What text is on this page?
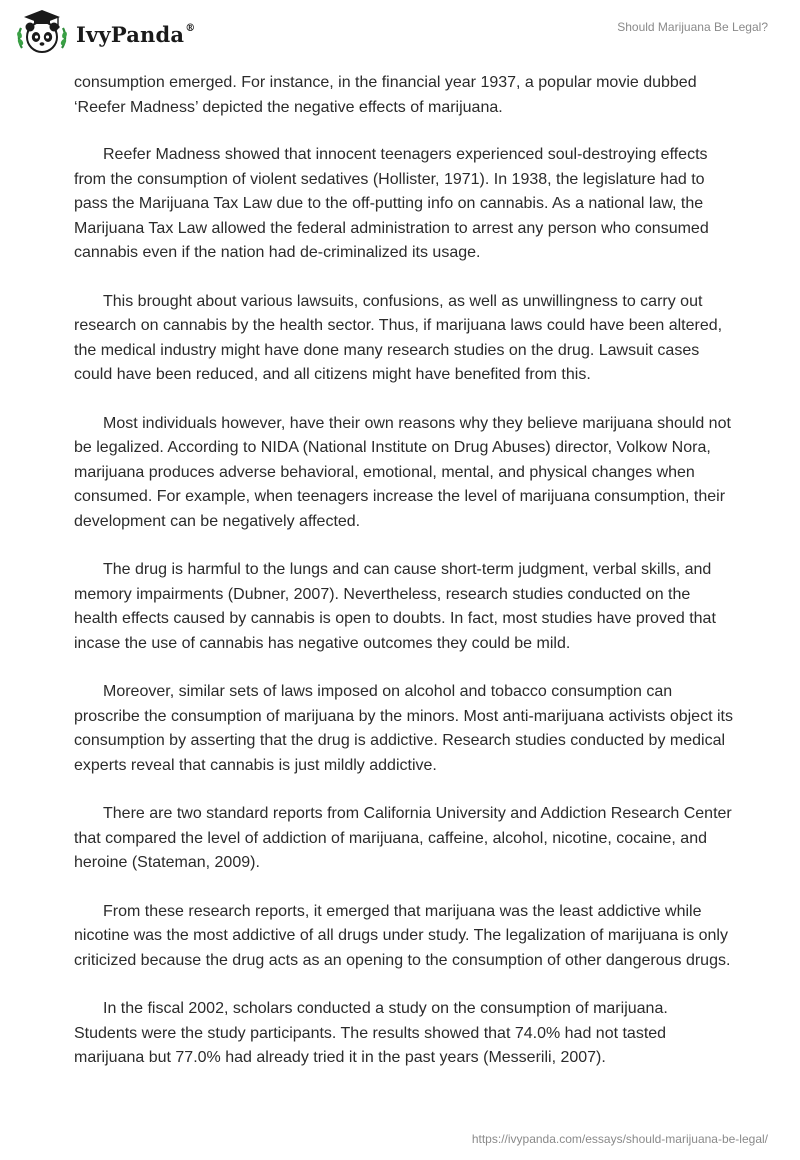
IvyPanda®	Should Marijuana Be Legal?

consumption emerged. For instance, in the financial year 1937, a popular movie dubbed ‘Reefer Madness’ depicted the negative effects of marijuana.

Reefer Madness showed that innocent teenagers experienced soul-destroying effects from the consumption of violent sedatives (Hollister, 1971). In 1938, the legislature had to pass the Marijuana Tax Law due to the off-putting info on cannabis. As a national law, the Marijuana Tax Law allowed the federal administration to arrest any person who consumed cannabis even if the nation had de-criminalized its usage.

This brought about various lawsuits, confusions, as well as unwillingness to carry out research on cannabis by the health sector. Thus, if marijuana laws could have been altered, the medical industry might have done many research studies on the drug. Lawsuit cases could have been reduced, and all citizens might have benefited from this.

Most individuals however, have their own reasons why they believe marijuana should not be legalized. According to NIDA (National Institute on Drug Abuses) director, Volkow Nora, marijuana produces adverse behavioral, emotional, mental, and physical changes when consumed. For example, when teenagers increase the level of marijuana consumption, their development can be negatively affected.

The drug is harmful to the lungs and can cause short-term judgment, verbal skills, and memory impairments (Dubner, 2007). Nevertheless, research studies conducted on the health effects caused by cannabis is open to doubts. In fact, most studies have proved that incase the use of cannabis has negative outcomes they could be mild.

Moreover, similar sets of laws imposed on alcohol and tobacco consumption can proscribe the consumption of marijuana by the minors. Most anti-marijuana activists object its consumption by asserting that the drug is addictive. Research studies conducted by medical experts reveal that cannabis is just mildly addictive.

There are two standard reports from California University and Addiction Research Center that compared the level of addiction of marijuana, caffeine, alcohol, nicotine, cocaine, and heroine (Stateman, 2009).

From these research reports, it emerged that marijuana was the least addictive while nicotine was the most addictive of all drugs under study. The legalization of marijuana is only criticized because the drug acts as an opening to the consumption of other dangerous drugs.

In the fiscal 2002, scholars conducted a study on the consumption of marijuana. Students were the study participants. The results showed that 74.0% had not tasted marijuana but 77.0% had already tried it in the past years (Messerili, 2007).

https://ivypanda.com/essays/should-marijuana-be-legal/
